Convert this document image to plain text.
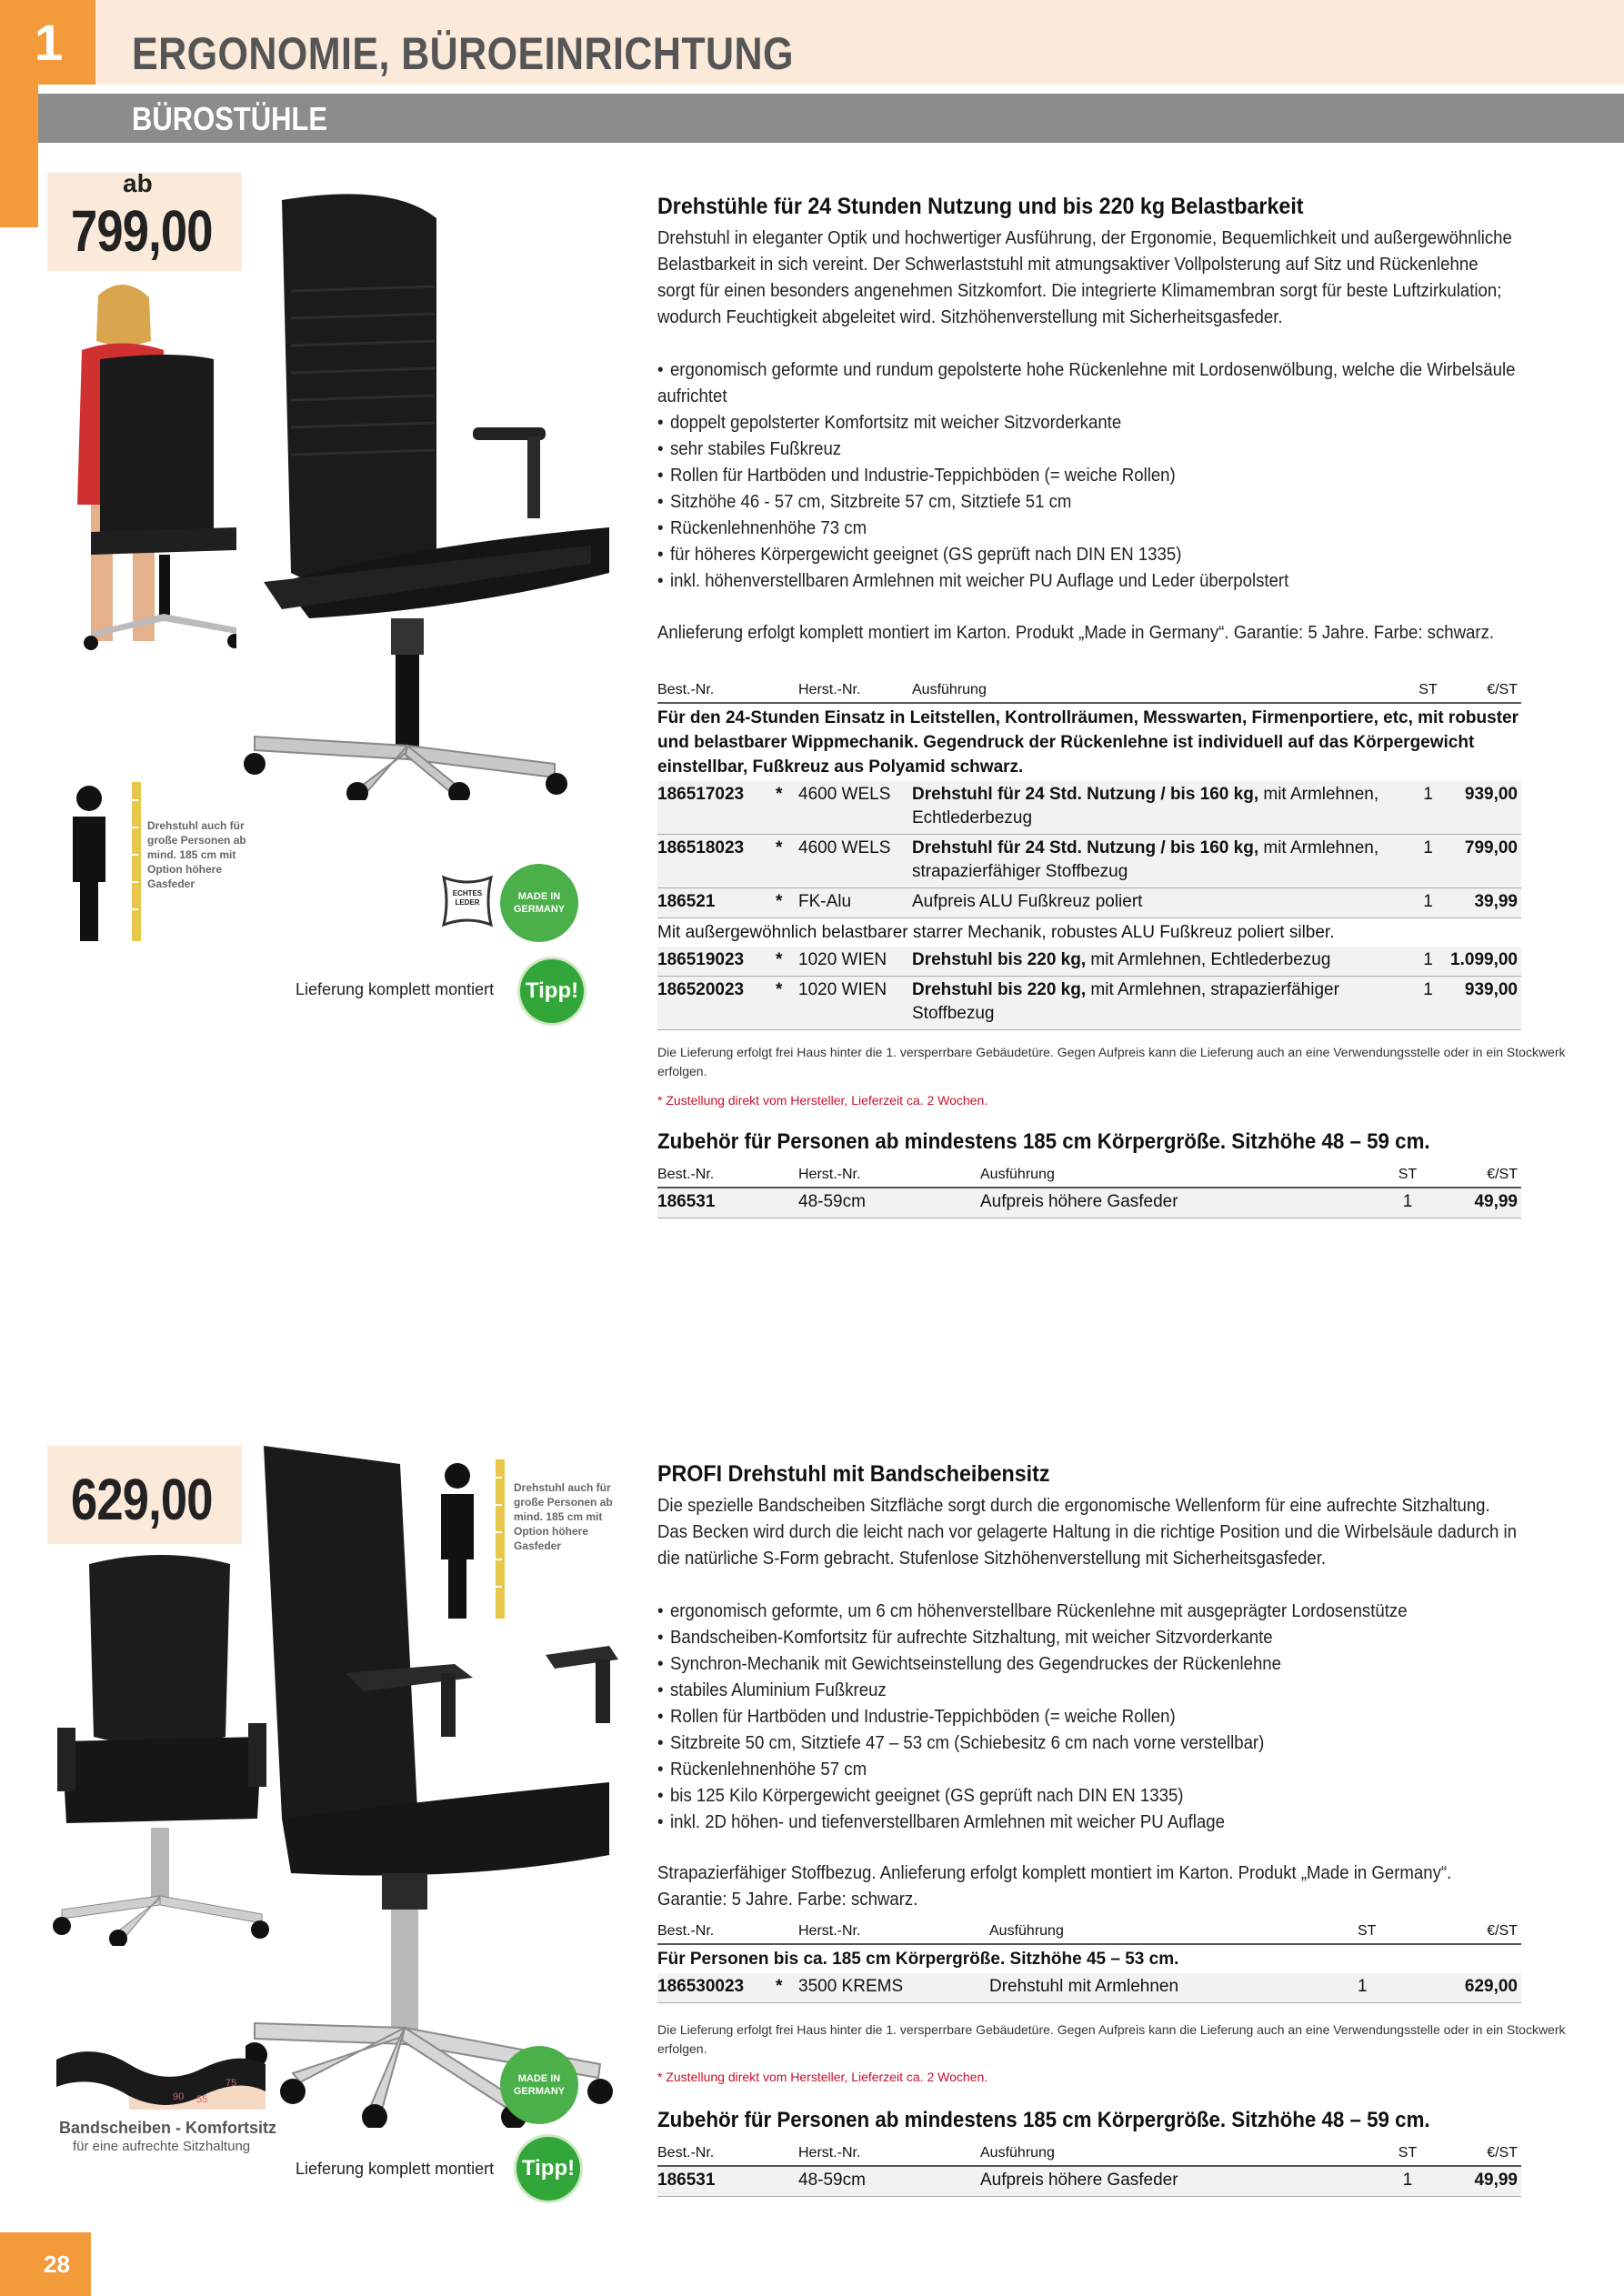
1	ERGONOMIE, BÜROEINRICHTUNG
BÜROSTÜHLE
ab
799,00
Drehstuhl auch für große Personen ab mind. 185 cm mit Option höhere Gasfeder
ECHTES LEDER
MADE IN GERMANY
Lieferung komplett montiert Tipp!
Drehstühle für 24 Stunden Nutzung und bis 220 kg Belastbarkeit
Drehstuhl in eleganter Optik und hochwertiger Ausführung, der Ergonomie, Bequemlichkeit und außergewöhnliche Belastbarkeit in sich vereint. Der Schwerlaststuhl mit atmungsaktiver Vollpolsterung auf Sitz und Rückenlehne sorgt für einen besonders angenehmen Sitzkomfort. Die integrierte Klimamembran sorgt für beste Luftzirkulation; wodurch Feuchtigkeit abgeleitet wird. Sitzhöhenverstellung mit Sicherheitsgasfeder.
• ergonomisch geformte und rundum gepolsterte hohe Rückenlehne mit Lordosenwölbung, welche die Wirbelsäule aufrichtet
• doppelt gepolsterter Komfortsitz mit weicher Sitzvorderkante
• sehr stabiles Fußkreuz
• Rollen für Hartböden und Industrie-Teppichböden (= weiche Rollen)
• Sitzhöhe 46 - 57 cm, Sitzbreite 57 cm, Sitztiefe 51 cm
• Rückenlehnenhöhe 73 cm
• für höheres Körpergewicht geeignet (GS geprüft nach DIN EN 1335)
• inkl. höhenverstellbaren Armlehnen mit weicher PU Auflage und Leder überpolstert
Anlieferung erfolgt komplett montiert im Karton. Produkt „Made in Germany“. Garantie: 5 Jahre. Farbe: schwarz.
Best.-Nr.		Herst.-Nr.	Ausführung	ST	€/ST
Für den 24-Stunden Einsatz in Leitstellen, Kontrollräumen, Messwarten, Firmenportiere, etc, mit robuster und belastbarer Wippmechanik. Gegendruck der Rückenlehne ist individuell auf das Körpergewicht einstellbar, Fußkreuz aus Polyamid schwarz.					
186517023	*	4600 WELS	Drehstuhl für 24 Std. Nutzung / bis 160 kg, mit Armlehnen, Echtlederbezug	1	939,00
186518023	*	4600 WELS	Drehstuhl für 24 Std. Nutzung / bis 160 kg, mit Armlehnen, strapazierfähiger Stoffbezug	1	799,00
186521	*	FK-Alu	Aufpreis ALU Fußkreuz poliert	1	39,99
Mit außergewöhnlich belastbarer starrer Mechanik, robustes ALU Fußkreuz poliert silber.					
186519023	*	1020 WIEN	Drehstuhl bis 220 kg, mit Armlehnen, Echtlederbezug	1	1.099,00
186520023	*	1020 WIEN	Drehstuhl bis 220 kg, mit Armlehnen, strapazierfähiger Stoffbezug	1	939,00
Die Lieferung erfolgt frei Haus hinter die 1. versperrbare Gebäudetüre. Gegen Aufpreis kann die Lieferung auch an eine Verwendungsstelle oder in ein Stockwerk erfolgen.
* Zustellung direkt vom Hersteller, Lieferzeit ca. 2 Wochen.
Zubehör für Personen ab mindestens 185 cm Körpergröße. Sitzhöhe 48 – 59 cm.
Best.-Nr.	Herst.-Nr.	Ausführung	ST	€/ST
186531	48-59cm	Aufpreis höhere Gasfeder	1	49,99
629,00	Drehstuhl auch für große Personen ab mind. 185 cm mit Option höhere Gasfeder
90 55
75
Bandscheiben - Komfortsitz
für eine aufrechte Sitzhaltung
MADE IN GERMANY
Lieferung komplett montiert Tipp!
PROFI Drehstuhl mit Bandscheibensitz
Die spezielle Bandscheiben Sitzfläche sorgt durch die ergonomische Wellenform für eine aufrechte Sitzhaltung. Das Becken wird durch die leicht nach vor gelagerte Haltung in die richtige Position und die Wirbelsäule dadurch in die natürliche S-Form gebracht. Stufenlose Sitzhöhenverstellung mit Sicherheitsgasfeder.
• ergonomisch geformte, um 6 cm höhenverstellbare Rückenlehne mit ausgeprägter Lordosenstütze
• Bandscheiben-Komfortsitz für aufrechte Sitzhaltung, mit weicher Sitzvorderkante
• Synchron-Mechanik mit Gewichtseinstellung des Gegendruckes der Rückenlehne
• stabiles Aluminium Fußkreuz
• Rollen für Hartböden und Industrie-Teppichböden (= weiche Rollen)
• Sitzbreite 50 cm, Sitztiefe 47 – 53 cm (Schiebesitz 6 cm nach vorne verstellbar)
• Rückenlehnenhöhe 57 cm
• bis 125 Kilo Körpergewicht geeignet (GS geprüft nach DIN EN 1335)
• inkl. 2D höhen- und tiefenverstellbaren Armlehnen mit weicher PU Auflage
Strapazierfähiger Stoffbezug. Anlieferung erfolgt komplett montiert im Karton. Produkt „Made in Germany“. Garantie: 5 Jahre. Farbe: schwarz.
Best.-Nr.		Herst.-Nr.	Ausführung	ST	€/ST
Für Personen bis ca. 185 cm Körpergröße. Sitzhöhe 45 – 53 cm.					
186530023	*	3500 KREMS	Drehstuhl mit Armlehnen	1	629,00
Die Lieferung erfolgt frei Haus hinter die 1. versperrbare Gebäudetüre. Gegen Aufpreis kann die Lieferung auch an eine Verwendungsstelle oder in ein Stockwerk erfolgen.
* Zustellung direkt vom Hersteller, Lieferzeit ca. 2 Wochen.
Zubehör für Personen ab mindestens 185 cm Körpergröße. Sitzhöhe 48 – 59 cm.
Best.-Nr.	Herst.-Nr.	Ausführung	ST	€/ST
186531	48-59cm	Aufpreis höhere Gasfeder	1	49,99
28
